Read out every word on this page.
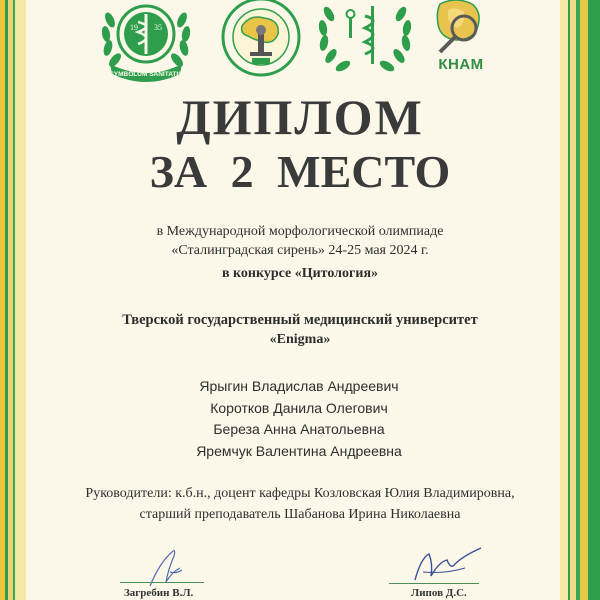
19 35
SYMBOLUM SANITATIS
КНАМ
ДИПЛОМ
ЗА 2 МЕСТО
в Международной морфологической олимпиаде
«Сталинградская сирень» 24-25 мая 2024 г.
в конкурсе «Цитология»
Тверской государственный медицинский университет
«Enigma»
Ярыгин Владислав Андреевич
Коротков Данила Олегович
Береза Анна Анатольевна
Яремчук Валентина Андреевна
Руководители: к.б.н., доцент кафедры Козловская Юлия Владимировна,
старший преподаватель Шабанова Ирина Николаевна
Загребин В.Л.	Липов Д.С.
